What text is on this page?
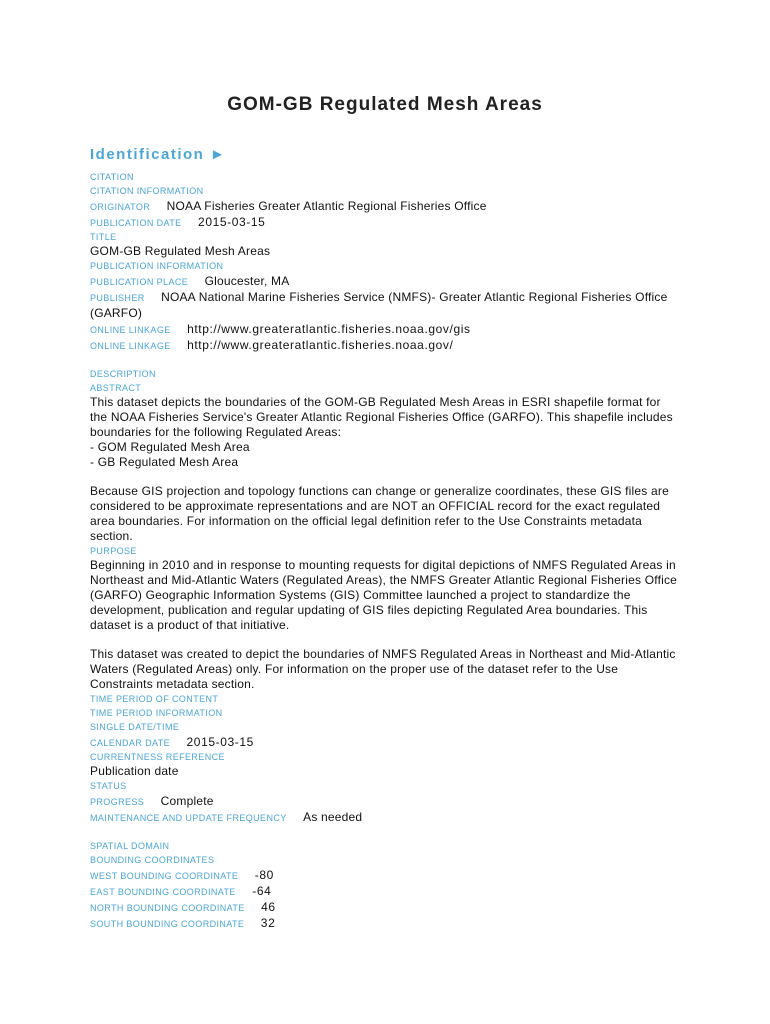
GOM-GB Regulated Mesh Areas
Identification ►
CITATION
CITATION INFORMATION
ORIGINATOR NOAA Fisheries Greater Atlantic Regional Fisheries Office
PUBLICATION DATE 2015-03-15
TITLE
GOM-GB Regulated Mesh Areas
PUBLICATION INFORMATION
PUBLICATION PLACE Gloucester, MA
PUBLISHER NOAA National Marine Fisheries Service (NMFS)- Greater Atlantic Regional Fisheries Office (GARFO)
ONLINE LINKAGE http://www.greateratlantic.fisheries.noaa.gov/gis
ONLINE LINKAGE http://www.greateratlantic.fisheries.noaa.gov/
DESCRIPTION
ABSTRACT

This dataset depicts the boundaries of the GOM-GB Regulated Mesh Areas in ESRI shapefile format for the NOAA Fisheries Service's Greater Atlantic Regional Fisheries Office (GARFO). This shapefile includes boundaries for the following Regulated Areas:
- GOM Regulated Mesh Area
- GB Regulated Mesh Area

Because GIS projection and topology functions can change or generalize coordinates, these GIS files are considered to be approximate representations and are NOT an OFFICIAL record for the exact regulated area boundaries. For information on the official legal definition refer to the Use Constraints metadata section.

PURPOSE

Beginning in 2010 and in response to mounting requests for digital depictions of NMFS Regulated Areas in Northeast and Mid-Atlantic Waters (Regulated Areas), the NMFS Greater Atlantic Regional Fisheries Office (GARFO) Geographic Information Systems (GIS) Committee launched a project to standardize the development, publication and regular updating of GIS files depicting Regulated Area boundaries. This dataset is a product of that initiative.

This dataset was created to depict the boundaries of NMFS Regulated Areas in Northeast and Mid-Atlantic Waters (Regulated Areas) only. For information on the proper use of the dataset refer to the Use Constraints metadata section.

TIME PERIOD OF CONTENT
TIME PERIOD INFORMATION
SINGLE DATE/TIME
CALENDAR DATE 2015-03-15
CURRENTNESS REFERENCE
Publication date
STATUS
PROGRESS Complete
MAINTENANCE AND UPDATE FREQUENCY As needed
SPATIAL DOMAIN
BOUNDING COORDINATES
WEST BOUNDING COORDINATE -80
EAST BOUNDING COORDINATE -64
NORTH BOUNDING COORDINATE 46
SOUTH BOUNDING COORDINATE 32
